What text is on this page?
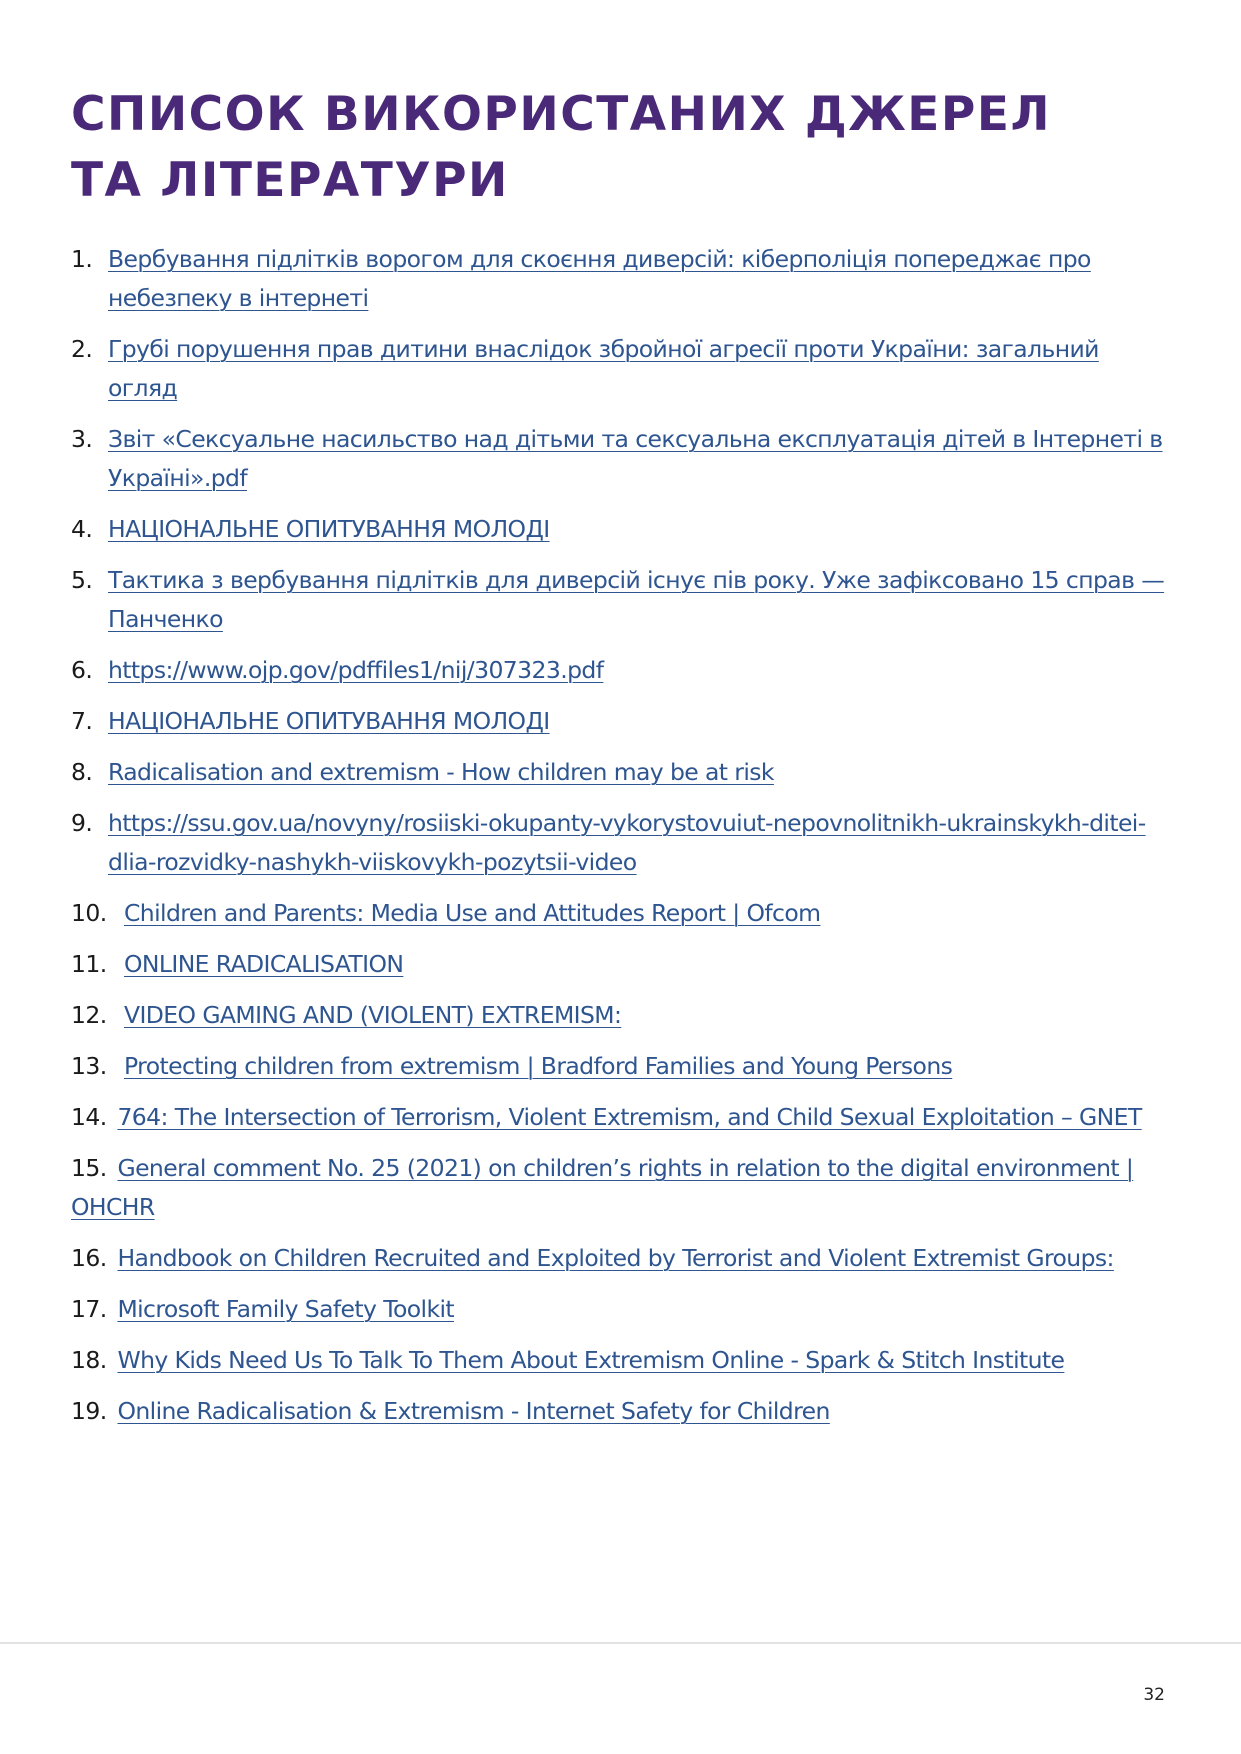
СПИСОК ВИКОРИСТАНИХ ДЖЕРЕЛ
ТА ЛІТЕРАТУРИ
1. Вербування підлітків ворогом для скоєння диверсій: кіберполіція попереджає про небезпеку в інтернеті
2. Грубі порушення прав дитини внаслідок збройної агресії проти України: загальний огляд
3. Звіт «Сексуальне насильство над дітьми та сексуальна експлуатація дітей в Інтернеті в Україні».pdf
4. НАЦІОНАЛЬНЕ ОПИТУВАННЯ МОЛОДІ
5. Тактика з вербування підлітків для диверсій існує пів року. Уже зафіксовано 15 справ — Панченко
6. https://www.ojp.gov/pdffiles1/nij/307323.pdf
7. НАЦІОНАЛЬНЕ ОПИТУВАННЯ МОЛОДІ
8. Radicalisation and extremism - How children may be at risk
9. https://ssu.gov.ua/novyny/rosiiski-okupanty-vykorystovuiut-nepovnolitnikh-ukrainskykh-ditei-dlia-rozvidky-nashykh-viiskovykh-pozytsii-video
10. Children and Parents: Media Use and Attitudes Report | Ofcom
11. ONLINE RADICALISATION
12. VIDEO GAMING AND (VIOLENT) EXTREMISM:
13. Protecting children from extremism | Bradford Families and Young Persons
14. 764: The Intersection of Terrorism, Violent Extremism, and Child Sexual Exploitation – GNET
15. General comment No. 25 (2021) on children’s rights in relation to the digital environment | OHCHR
16. Handbook on Children Recruited and Exploited by Terrorist and Violent Extremist Groups:
17. Microsoft Family Safety Toolkit
18. Why Kids Need Us To Talk To Them About Extremism Online - Spark & Stitch Institute
19. Online Radicalisation & Extremism - Internet Safety for Children
32
